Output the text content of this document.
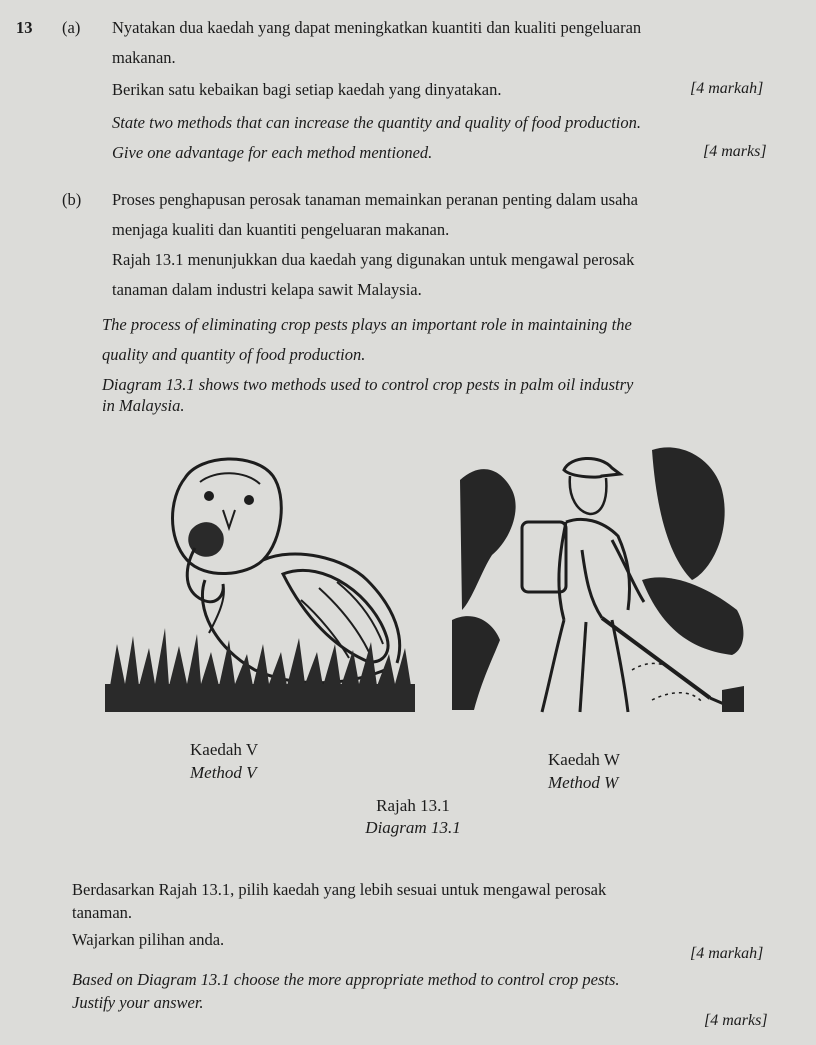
13 (a) Nyatakan dua kaedah yang dapat meningkatkan kuantiti dan kualiti pengeluaran
makanan.
Berikan satu kebaikan bagi setiap kaedah yang dinyatakan.	[4 markah]
State two methods that can increase the quantity and quality of food production.
Give one advantage for each method mentioned.	[4 marks]
(b) Proses penghapusan perosak tanaman memainkan peranan penting dalam usaha
menjaga kualiti dan kuantiti pengeluaran makanan.
Rajah 13.1 menunjukkan dua kaedah yang digunakan untuk mengawal perosak
tanaman dalam industri kelapa sawit Malaysia.
The process of eliminating crop pests plays an important role in maintaining the
quality and quantity of food production.
Diagram 13.1 shows two methods used to control crop pests in palm oil industry
in Malaysia.
Kaedah V
Method V
Kaedah W
Method W
Rajah 13.1
Diagram 13.1
Berdasarkan Rajah 13.1, pilih kaedah yang lebih sesuai untuk mengawal perosak
tanaman.
Wajarkan pilihan anda.
[4 markah]
Based on Diagram 13.1 choose the more appropriate method to control crop pests.
Justify your answer.
[4 marks]
